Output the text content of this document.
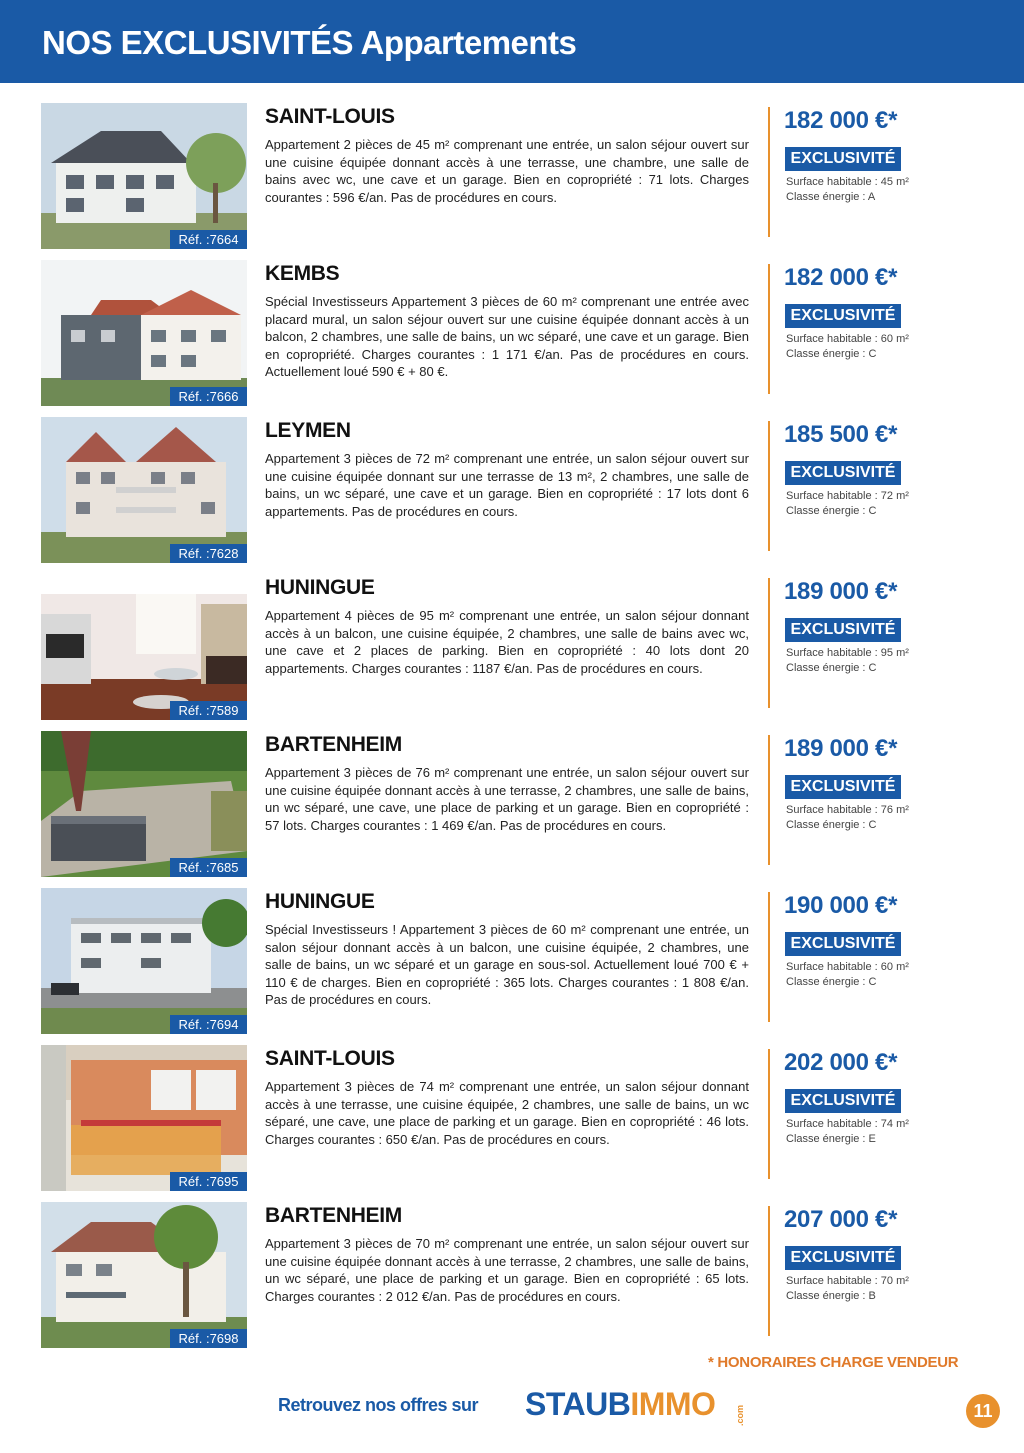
NOS EXCLUSIVITÉS Appartements
Réf. :7664
SAINT-LOUIS

Appartement 2 pièces de 45 m² comprenant une entrée, un salon séjour ouvert sur une cuisine équipée donnant accès à une terrasse, une chambre, une salle de bains avec wc, une cave et un garage. Bien en copropriété : 71 lots. Charges courantes : 596 €/an. Pas de procédures en cours.

182 000 €*
EXCLUSIVITÉ
Surface habitable : 45 m²
Classe énergie : A
Réf. :7666
KEMBS

Spécial Investisseurs Appartement 3 pièces de 60 m² comprenant une entrée avec placard mural, un salon séjour ouvert sur une cuisine équipée donnant accès à un balcon, 2 chambres, une salle de bains, un wc séparé, une cave et un garage. Bien en copropriété. Charges courantes : 1 171 €/an. Pas de procédures en cours. Actuellement loué 590 € + 80 €.

182 000 €*
EXCLUSIVITÉ
Surface habitable : 60 m²
Classe énergie : C
Réf. :7628
LEYMEN

Appartement 3 pièces de 72 m² comprenant une entrée, un salon séjour ouvert sur une cuisine équipée donnant sur une terrasse de 13 m², 2 chambres, une salle de bains, un wc séparé, une cave et un garage. Bien en copropriété : 17 lots dont 6 appartements. Pas de procédures en cours.

185 500 €*
EXCLUSIVITÉ
Surface habitable : 72 m²
Classe énergie : C
Réf. :7589
HUNINGUE

Appartement 4 pièces de 95 m² comprenant une entrée, un salon séjour donnant accès à un balcon, une cuisine équipée, 2 chambres, une salle de bains avec wc, une cave et 2 places de parking. Bien en copropriété : 40 lots dont 20 appartements. Charges courantes : 1187 €/an. Pas de procédures en cours.

189 000 €*
EXCLUSIVITÉ
Surface habitable : 95 m²
Classe énergie : C
Réf. :7685
BARTENHEIM

Appartement 3 pièces de 76 m² comprenant une entrée, un salon séjour ouvert sur une cuisine équipée donnant accès à une terrasse, 2 chambres, une salle de bains, un wc séparé, une cave, une place de parking et un garage. Bien en copropriété : 57 lots. Charges courantes : 1 469 €/an. Pas de procédures en cours.

189 000 €*
EXCLUSIVITÉ
Surface habitable : 76 m²
Classe énergie : C
Réf. :7694
HUNINGUE

Spécial Investisseurs ! Appartement 3 pièces de 60 m² comprenant une entrée, un salon séjour donnant accès à un balcon, une cuisine équipée, 2 chambres, une salle de bains, un wc séparé et un garage en sous-sol. Actuellement loué 700 € + 110 € de charges. Bien en copropriété : 365 lots. Charges courantes : 1 808 €/an. Pas de procédures en cours.

190 000 €*
EXCLUSIVITÉ
Surface habitable : 60 m²
Classe énergie : C
Réf. :7695
SAINT-LOUIS

Appartement 3 pièces de 74 m² comprenant une entrée, un salon séjour donnant accès à une terrasse, une cuisine équipée, 2 chambres, une salle de bains, un wc séparé, une cave, une place de parking et un garage. Bien en copropriété : 46 lots. Charges courantes : 650 €/an. Pas de procédures en cours.

202 000 €*
EXCLUSIVITÉ
Surface habitable : 74 m²
Classe énergie : E
Réf. :7698
BARTENHEIM

Appartement 3 pièces de 70 m² comprenant une entrée, un salon séjour ouvert sur une cuisine équipée donnant accès à une terrasse, 2 chambres, une salle de bains, un wc séparé, une place de parking et un garage. Bien en copropriété : 65 lots. Charges courantes : 2 012 €/an. Pas de procédures en cours.

207 000 €*
EXCLUSIVITÉ
Surface habitable : 70 m²
Classe énergie : B
* HONORAIRES CHARGE VENDEUR
Retrouvez nos offres sur STAUBIMMO .com	11
